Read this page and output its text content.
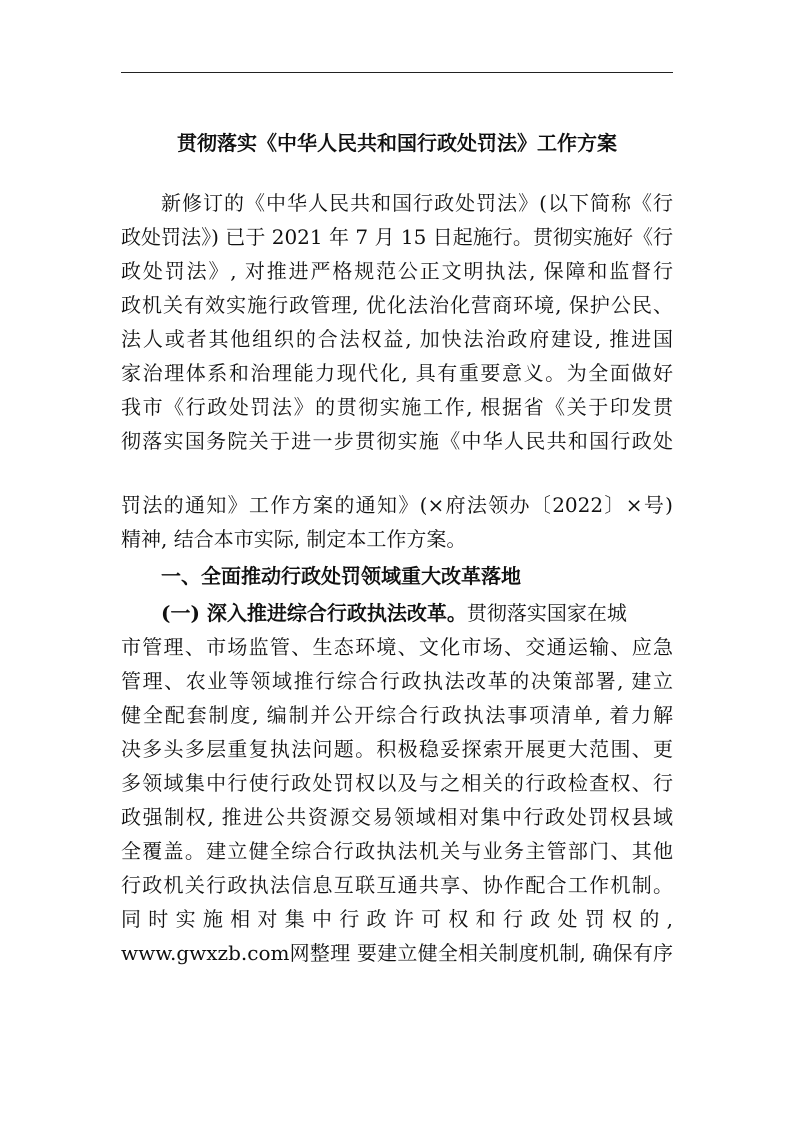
贯彻落实《中华人民共和国行政处罚法》工作方案
新修订的《中华人民共和国行政处罚法》(以下简称《行
政处罚法》) 已于 2021 年 7 月 15 日起施行。贯彻实施好《行
政处罚法》, 对推进严格规范公正文明执法, 保障和监督行
政机关有效实施行政管理, 优化法治化营商环境, 保护公民、
法人或者其他组织的合法权益, 加快法治政府建设, 推进国
家治理体系和治理能力现代化, 具有重要意义。为全面做好
我市《行政处罚法》的贯彻实施工作, 根据省《关于印发贯
彻落实国务院关于进一步贯彻实施《中华人民共和国行政处
罚法的通知》工作方案的通知》(×府法领办〔2022〕×号)
精神, 结合本市实际, 制定本工作方案。
一、全面推动行政处罚领域重大改革落地
(一) 深入推进综合行政执法改革。贯彻落实国家在城
市管理、市场监管、生态环境、文化市场、交通运输、应急
管理、农业等领域推行综合行政执法改革的决策部署, 建立
健全配套制度, 编制并公开综合行政执法事项清单, 着力解
决多头多层重复执法问题。积极稳妥探索开展更大范围、更
多领域集中行使行政处罚权以及与之相关的行政检查权、行
政强制权, 推进公共资源交易领域相对集中行政处罚权县域
全覆盖。建立健全综合行政执法机关与业务主管部门、其他
行政机关行政执法信息互联互通共享、协作配合工作机制。
同时实施相对集中行政许可权和行政处罚权的,
www.gwxzb.com网整理 要建立健全相关制度机制, 确保有序
